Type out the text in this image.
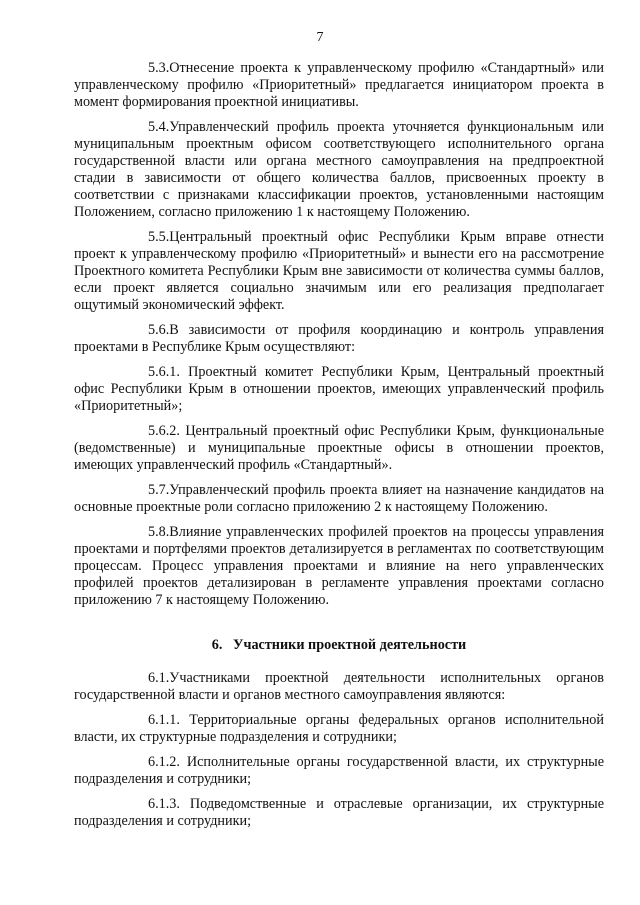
7

5.3.Отнесение проекта к управленческому профилю «Стандартный» или управленческому профилю «Приоритетный» предлагается инициатором проекта в момент формирования проектной инициативы.

5.4.Управленческий профиль проекта уточняется функциональным или муниципальным проектным офисом соответствующего исполнительного органа государственной власти или органа местного самоуправления на предпроектной стадии в зависимости от общего количества баллов, присвоенных проекту в соответствии с признаками классификации проектов, установленными настоящим Положением, согласно приложению 1 к настоящему Положению.

5.5.Центральный проектный офис Республики Крым вправе отнести проект к управленческому профилю «Приоритетный» и вынести его на рассмотрение Проектного комитета Республики Крым вне зависимости от количества суммы баллов, если проект является социально значимым или его реализация предполагает ощутимый экономический эффект.

5.6.В зависимости от профиля координацию и контроль управления проектами в Республике Крым осуществляют:

5.6.1. Проектный комитет Республики Крым, Центральный проектный офис Республики Крым в отношении проектов, имеющих управленческий профиль «Приоритетный»;

5.6.2. Центральный проектный офис Республики Крым, функциональные (ведомственные) и муниципальные проектные офисы в отношении проектов, имеющих управленческий профиль «Стандартный».

5.7.Управленческий профиль проекта влияет на назначение кандидатов на основные проектные роли согласно приложению 2 к настоящему Положению.

5.8.Влияние управленческих профилей проектов на процессы управления проектами и портфелями проектов детализируется в регламентах по соответствующим процессам. Процесс управления проектами и влияние на него управленческих профилей проектов детализирован в регламенте управления проектами согласно приложению 7 к настоящему Положению.

6. Участники проектной деятельности

6.1.Участниками проектной деятельности исполнительных органов государственной власти и органов местного самоуправления являются:

6.1.1. Территориальные органы федеральных органов исполнительной власти, их структурные подразделения и сотрудники;

6.1.2. Исполнительные органы государственной власти, их структурные подразделения и сотрудники;

6.1.3. Подведомственные и отраслевые организации, их структурные подразделения и сотрудники;
